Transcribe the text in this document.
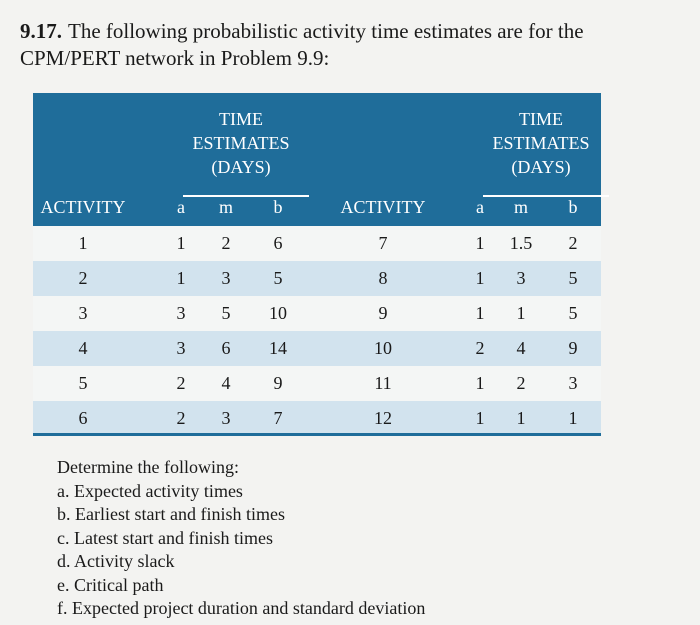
9.17. The following probabilistic activity time estimates are for the CPM/PERT network in Problem 9.9:

TIME
ESTIMATES
(DAYS)
TIME
ESTIMATES
(DAYS)
ACTIVITY	a m b	ACTIVITY	a m b
1	1 2 6	7	1 1.5 2
2	1 3 5	8	1 3 5
3	3 5 10	9	1 1 5
4	3 6 14	10	2 4 9
5	2 4 9	11	1 2 3
6	2 3 7	12	1 1 1
Determine the following:
a. Expected activity times
b. Earliest start and finish times
c. Latest start and finish times
d. Activity slack
e. Critical path
f. Expected project duration and standard deviation
